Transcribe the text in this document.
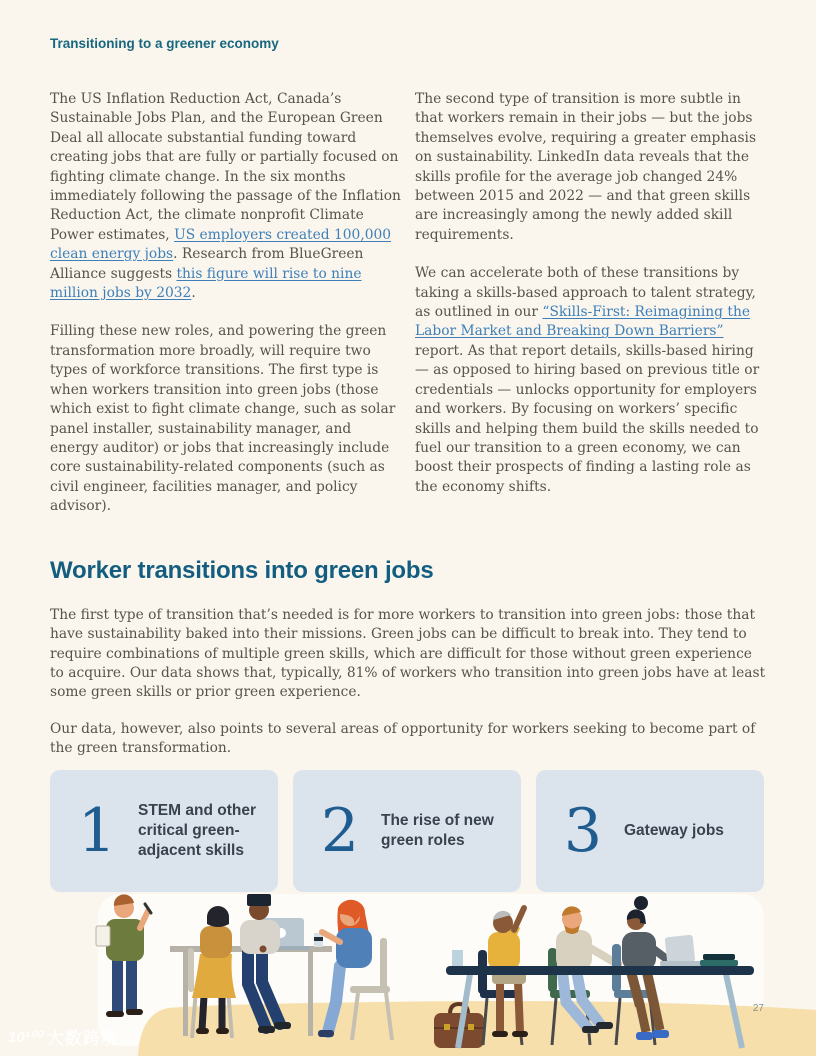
Transitioning to a greener economy

The US Inflation Reduction Act, Canada’s Sustainable Jobs Plan, and the European Green Deal all allocate substantial funding toward creating jobs that are fully or partially focused on fighting climate change. In the six months immediately following the passage of the Inflation Reduction Act, the climate nonprofit Climate Power estimates, US employers created 100,000 clean energy jobs. Research from BlueGreen Alliance suggests this figure will rise to nine million jobs by 2032.

Filling these new roles, and powering the green transformation more broadly, will require two types of workforce transitions. The first type is when workers transition into green jobs (those which exist to fight climate change, such as solar panel installer, sustainability manager, and energy auditor) or jobs that increasingly include core sustainability-related components (such as civil engineer, facilities manager, and policy advisor).

The second type of transition is more subtle in that workers remain in their jobs — but the jobs themselves evolve, requiring a greater emphasis on sustainability. LinkedIn data reveals that the skills profile for the average job changed 24% between 2015 and 2022 — and that green skills are increasingly among the newly added skill requirements.

We can accelerate both of these transitions by taking a skills-based approach to talent strategy, as outlined in our “Skills-First: Reimagining the Labor Market and Breaking Down Barriers” report. As that report details, skills-based hiring — as opposed to hiring based on previous title or credentials — unlocks opportunity for employers and workers. By focusing on workers’ specific skills and helping them build the skills needed to fuel our transition to a green economy, we can boost their prospects of finding a lasting role as the economy shifts.

Worker transitions into green jobs

The first type of transition that’s needed is for more workers to transition into green jobs: those that have sustainability baked into their missions. Green jobs can be difficult to break into. They tend to require combinations of multiple green skills, which are difficult for those without green experience to acquire. Our data shows that, typically, 81% of workers who transition into green jobs have at least some green skills or prior green experience.

Our data, however, also points to several areas of opportunity for workers seeking to become part of the green transformation.

1 STEM and other critical green-adjacent skills	2 The rise of new green roles	3 Gateway jobs
27
10¹⁰⁰ 大数跨境
